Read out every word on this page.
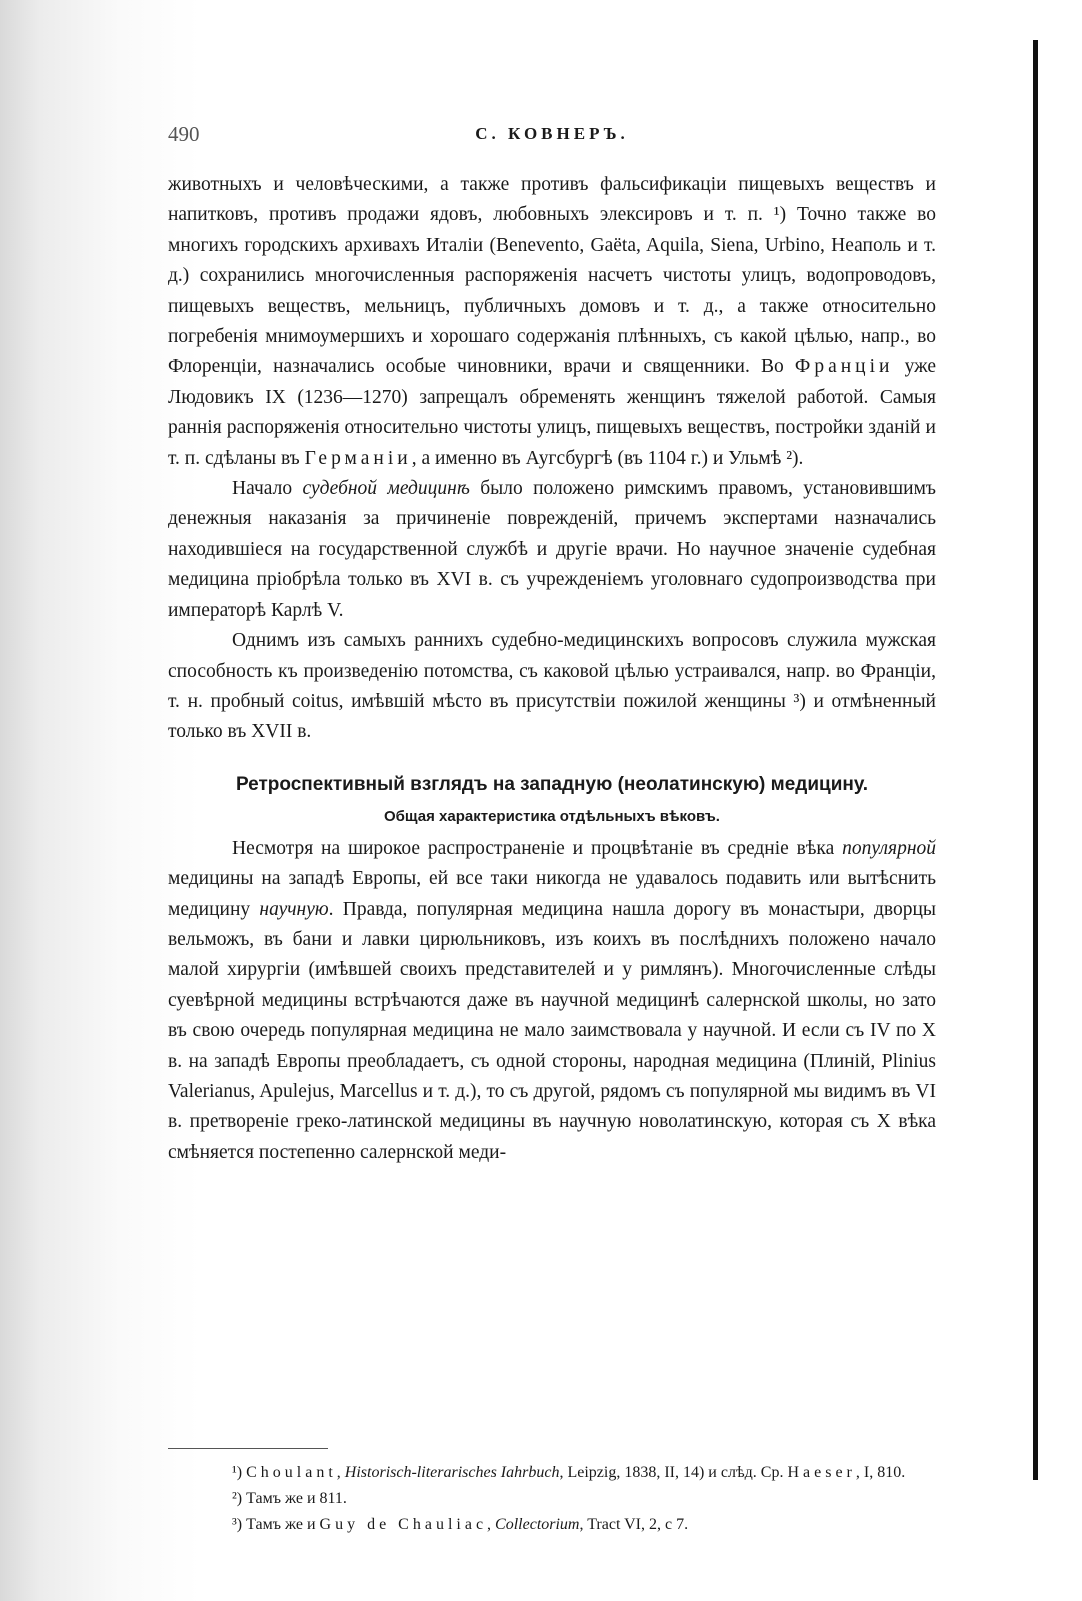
490	С. КОВНЕРЪ.

животныхъ и человѣческими, а также противъ фальсификаціи пищевыхъ веществъ и напитковъ, противъ продажи ядовъ, любовныхъ элексировъ и т. п. ¹) Точно также во многихъ городскихъ архивахъ Италіи (Benevento, Gaëta, Aquila, Siena, Urbino, Неаполь и т. д.) сохранились многочисленныя распоряженія насчетъ чистоты улицъ, водопроводовъ, пищевыхъ веществъ, мельницъ, публичныхъ домовъ и т. д., а также относительно погребенія мнимоумершихъ и хорошаго содержанія плѣнныхъ, съ какой цѣлью, напр., во Флоренціи, назначались особые чиновники, врачи и священники. Во Франціи уже Людовикъ IX (1236—1270) запрещалъ обременять женщинъ тяжелой работой. Самыя раннія распоряженія относительно чистоты улицъ, пищевыхъ веществъ, постройки зданій и т. п. сдѣланы въ Германіи, а именно въ Аугсбургѣ (въ 1104 г.) и Ульмѣ ²).

Начало судебной медицинѣ было положено римскимъ правомъ, установившимъ денежныя наказанія за причиненіе поврежденій, причемъ экспертами назначались находившіеся на государственной службѣ и другіе врачи. Но научное значеніе судебная медицина пріобрѣла только въ XVI в. съ учрежденіемъ уголовнаго судопроизводства при императорѣ Карлѣ V.

Однимъ изъ самыхъ раннихъ судебно-медицинскихъ вопросовъ служила мужская способность къ произведенію потомства, съ каковой цѣлью устраивался, напр. во Франціи, т. н. пробный coitus, имѣвшій мѣсто въ присутствіи пожилой женщины ³) и отмѣненный только въ XVII в.

Ретроспективный взглядъ на западную (неолатинскую) медицину.
Общая характеристика отдѣльныхъ вѣковъ.

Несмотря на широкое распространеніе и процвѣтаніе въ средніе вѣка популярной медицины на западѣ Европы, ей все таки никогда не удавалось подавить или вытѣснить медицину научную. Правда, популярная медицина нашла дорогу въ монастыри, дворцы вельможъ, въ бани и лавки цирюльниковъ, изъ коихъ въ послѣднихъ положено начало малой хирургіи (имѣвшей своихъ представителей и у римлянъ). Многочисленные слѣды суевѣрной медицины встрѣчаются даже въ научной медицинѣ салернской школы, но зато въ свою очередь популярная медицина не мало заимствовала у научной. И если съ IV по X в. на западѣ Европы преобладаетъ, съ одной стороны, народная медицина (Плиній, Plinius Valerianus, Apulejus, Marcellus и т. д.), то съ другой, рядомъ съ популярной мы видимъ въ VI в. претвореніе греко-латинской медицины въ научную новолатинскую, которая съ X вѣка смѣняется постепенно салернской меди-

¹) Choulant, Historisch-literarisches Iahrbuch, Leipzig, 1838, II, 14) и слѣд. Ср. Haeser, I, 810.
²) Тамъ же и 811.
³) Тамъ же и Guy de Chauliac, Collectorium, Tract VI, 2, c 7.
